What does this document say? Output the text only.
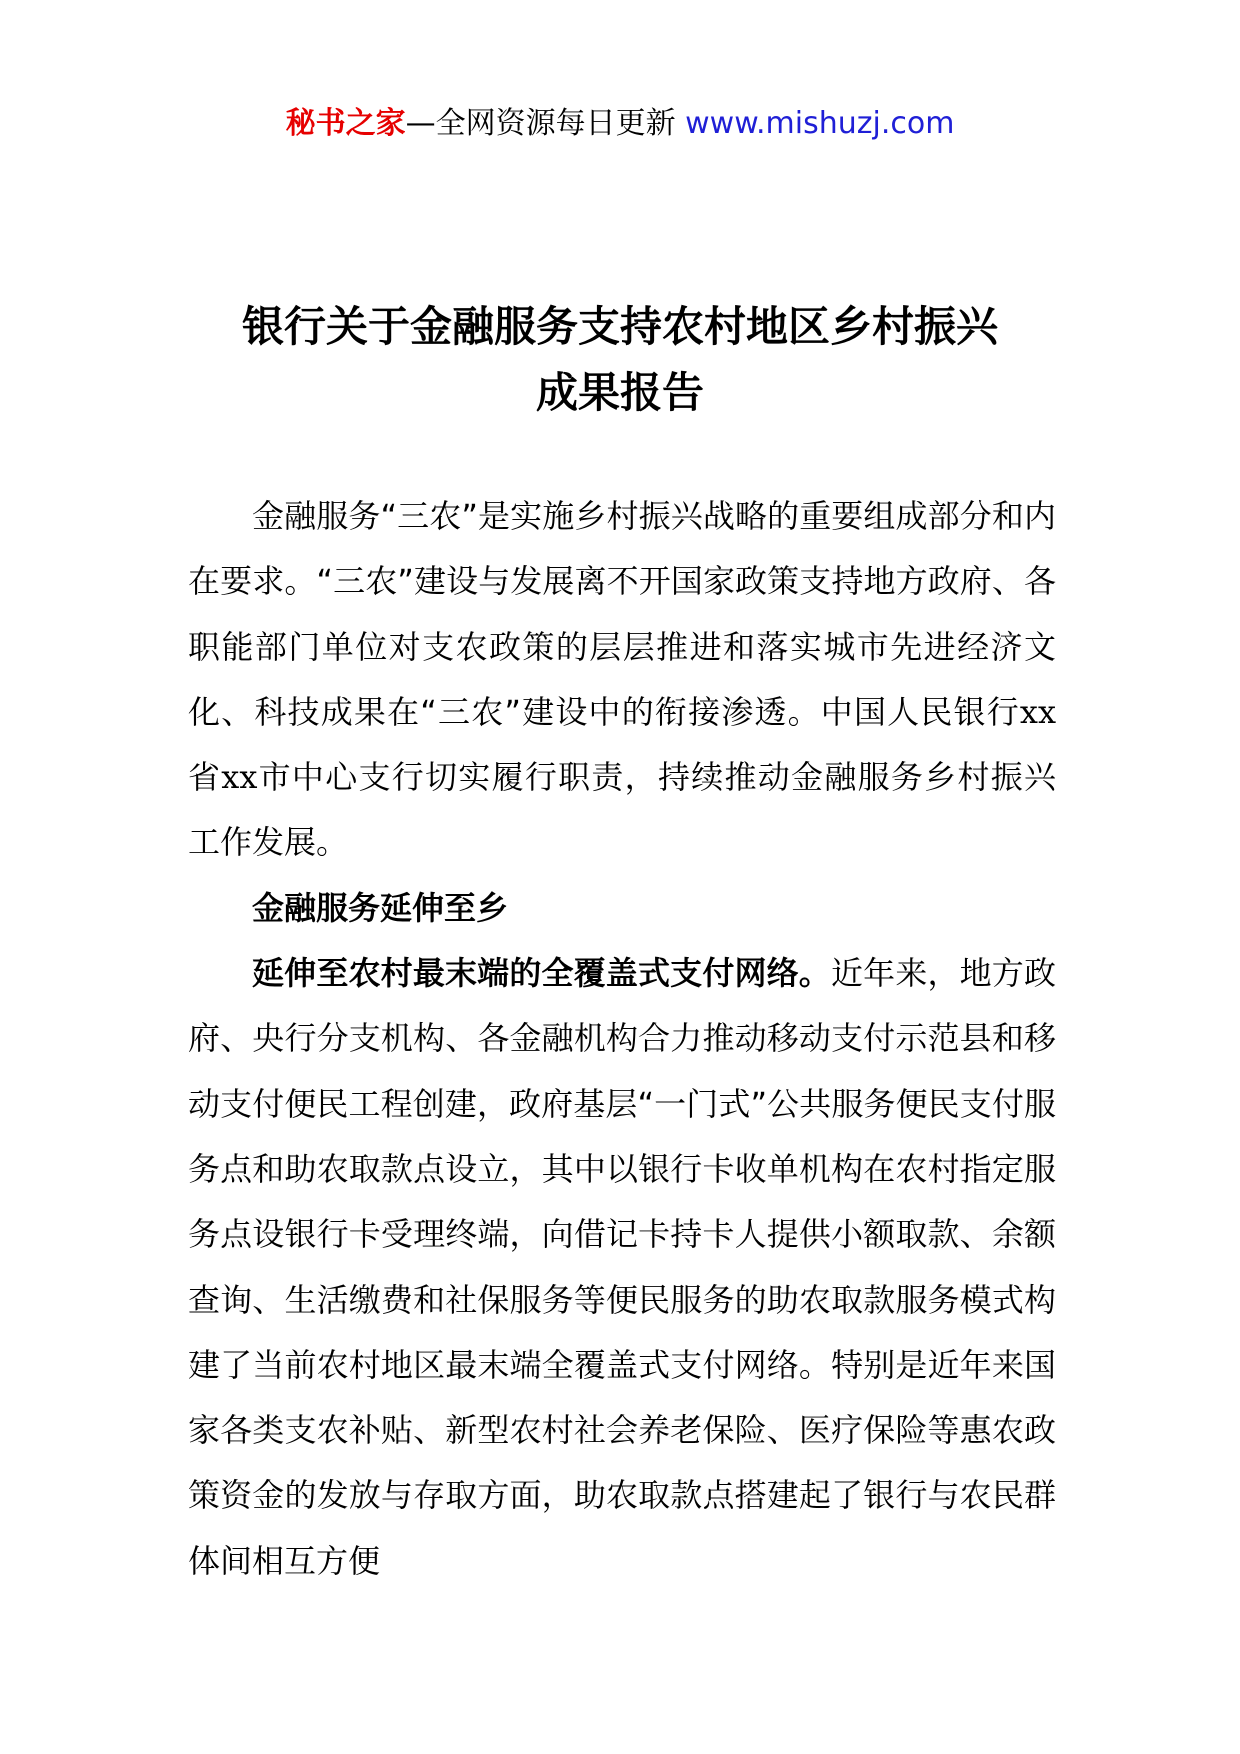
秘书之家—全网资源每日更新 www.mishuzj.com
银行关于金融服务支持农村地区乡村振兴
成果报告

金融服务“三农”是实施乡村振兴战略的重要组成部分和内在要求。“三农”建设与发展离不开国家政策支持地方政府、各职能部门单位对支农政策的层层推进和落实城市先进经济文化、科技成果在“三农”建设中的衔接渗透。中国人民银行xx省xx市中心支行切实履行职责，持续推动金融服务乡村振兴工作发展。

金融服务延伸至乡

延伸至农村最末端的全覆盖式支付网络。近年来，地方政府、央行分支机构、各金融机构合力推动移动支付示范县和移动支付便民工程创建，政府基层“一门式”公共服务便民支付服务点和助农取款点设立，其中以银行卡收单机构在农村指定服务点设银行卡受理终端，向借记卡持卡人提供小额取款、余额查询、生活缴费和社保服务等便民服务的助农取款服务模式构建了当前农村地区最末端全覆盖式支付网络。特别是近年来国家各类支农补贴、新型农村社会养老保险、医疗保险等惠农政策资金的发放与存取方面，助农取款点搭建起了银行与农民群体间相互方便
